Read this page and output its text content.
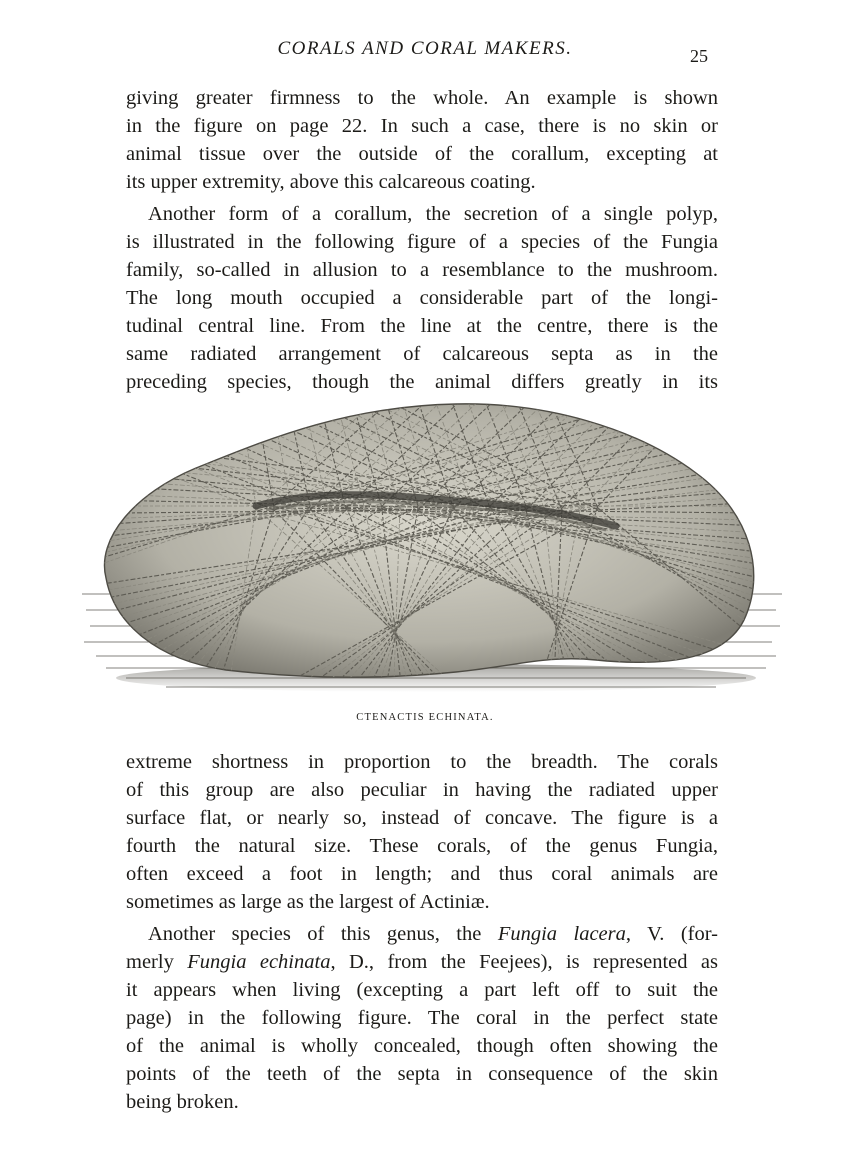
CORALS AND CORAL MAKERS.	25

giving greater firmness to the whole. An example is shown
in the figure on page 22. In such a case, there is no skin or
animal tissue over the outside of the corallum, excepting at
its upper extremity, above this calcareous coating.

Another form of a corallum, the secretion of a single polyp,
is illustrated in the following figure of a species of the Fungia
family, so-called in allusion to a resemblance to the mushroom.
The long mouth occupied a considerable part of the longi-
tudinal central line. From the line at the centre, there is the
same radiated arrangement of calcareous septa as in the
preceding species, though the animal differs greatly in its

CTENACTIS ECHINATA.

extreme shortness in proportion to the breadth. The corals
of this group are also peculiar in having the radiated upper
surface flat, or nearly so, instead of concave. The figure is a
fourth the natural size. These corals, of the genus Fungia,
often exceed a foot in length; and thus coral animals are
sometimes as large as the largest of Actiniæ.

Another species of this genus, the Fungia lacera, V. (for-
merly Fungia echinata, D., from the Feejees), is represented as
it appears when living (excepting a part left off to suit the
page) in the following figure. The coral in the perfect state
of the animal is wholly concealed, though often showing the
points of the teeth of the septa in consequence of the skin
being broken.
